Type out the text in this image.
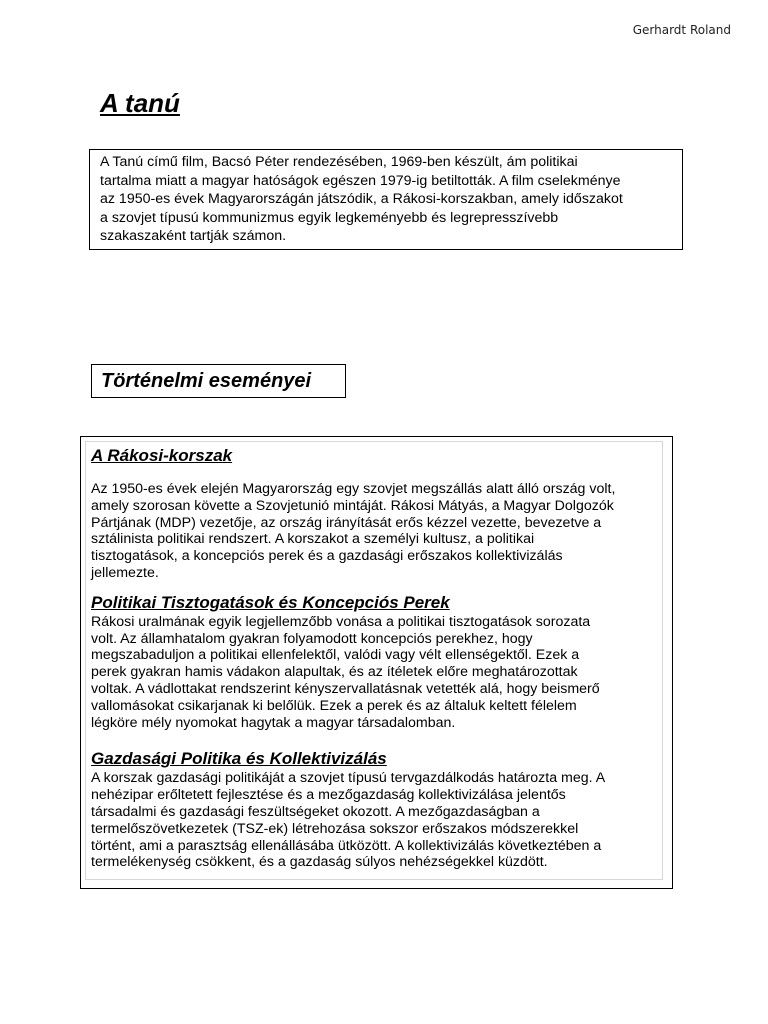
Gerhardt Roland
A tanú
A Tanú című film, Bacsó Péter rendezésében, 1969-ben készült, ám politikai
tartalma miatt a magyar hatóságok egészen 1979-ig betiltották. A film cselekménye
az 1950-es évek Magyarországán játszódik, a Rákosi-korszakban, amely időszakot
a szovjet típusú kommunizmus egyik legkeményebb és legrepresszívebb
szakaszaként tartják számon.
Történelmi eseményei
A Rákosi-korszak
Az 1950-es évek elején Magyarország egy szovjet megszállás alatt álló ország volt,
amely szorosan követte a Szovjetunió mintáját. Rákosi Mátyás, a Magyar Dolgozók
Pártjának (MDP) vezetője, az ország irányítását erős kézzel vezette, bevezetve a
sztálinista politikai rendszert. A korszakot a személyi kultusz, a politikai
tisztogatások, a koncepciós perek és a gazdasági erőszakos kollektivizálás
jellemezte.
Politikai Tisztogatások és Koncepciós Perek
Rákosi uralmának egyik legjellemzőbb vonása a politikai tisztogatások sorozata
volt. Az államhatalom gyakran folyamodott koncepciós perekhez, hogy
megszabaduljon a politikai ellenfelektől, valódi vagy vélt ellenségektől. Ezek a
perek gyakran hamis vádakon alapultak, és az ítéletek előre meghatározottak
voltak. A vádlottakat rendszerint kényszervallatásnak vetették alá, hogy beismerő
vallomásokat csikarjanak ki belőlük. Ezek a perek és az általuk keltett félelem
légköre mély nyomokat hagytak a magyar társadalomban.
Gazdasági Politika és Kollektivizálás
A korszak gazdasági politikáját a szovjet típusú tervgazdálkodás határozta meg. A
nehézipar erőltetett fejlesztése és a mezőgazdaság kollektivizálása jelentős
társadalmi és gazdasági feszültségeket okozott. A mezőgazdaságban a
termelőszövetkezetek (TSZ-ek) létrehozása sokszor erőszakos módszerekkel
történt, ami a parasztság ellenállásába ütközött. A kollektivizálás következtében a
termelékenység csökkent, és a gazdaság súlyos nehézségekkel küzdött.
